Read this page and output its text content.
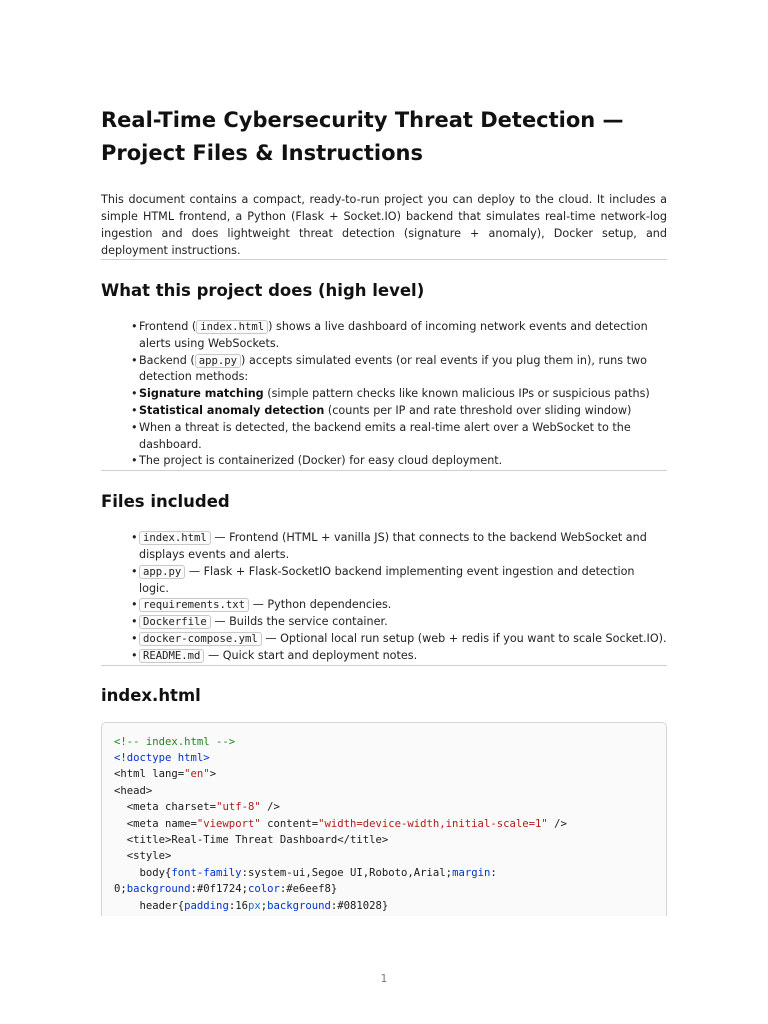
Real-Time Cybersecurity Threat Detection —
Project Files & Instructions

This document contains a compact, ready-to-run project you can deploy to the cloud. It includes a simple HTML frontend, a Python (Flask + Socket.IO) backend that simulates real-time network-log ingestion and does lightweight threat detection (signature + anomaly), Docker setup, and deployment instructions.

What this project does (high level)
• Frontend ( index.html ) shows a live dashboard of incoming network events and detection alerts using WebSockets.
• Backend ( app.py ) accepts simulated events (or real events if you plug them in), runs two detection methods:
• Signature matching (simple pattern checks like known malicious IPs or suspicious paths)
• Statistical anomaly detection (counts per IP and rate threshold over sliding window)
• When a threat is detected, the backend emits a real-time alert over a WebSocket to the dashboard.
• The project is containerized (Docker) for easy cloud deployment.
Files included
• index.html — Frontend (HTML + vanilla JS) that connects to the backend WebSocket and displays events and alerts.
• app.py — Flask + Flask-SocketIO backend implementing event ingestion and detection logic.
• requirements.txt — Python dependencies.
• Dockerfile — Builds the service container.
• docker-compose.yml — Optional local run setup (web + redis if you want to scale Socket.IO).
• README.md — Quick start and deployment notes.
index.html
<!-- index.html -->
<!doctype html>
<html lang="en">
<head>
<meta charset="utf-8" />
<meta name="viewport" content="width=device-width,initial-scale=1" />
<title>Real-Time Threat Dashboard</title>
<style>
body{font-family:system-ui,Segoe UI,Roboto,Arial;margin:
0;background:#0f1724;color:#e6eef8}
header{padding:16px;background:#081028}
1
